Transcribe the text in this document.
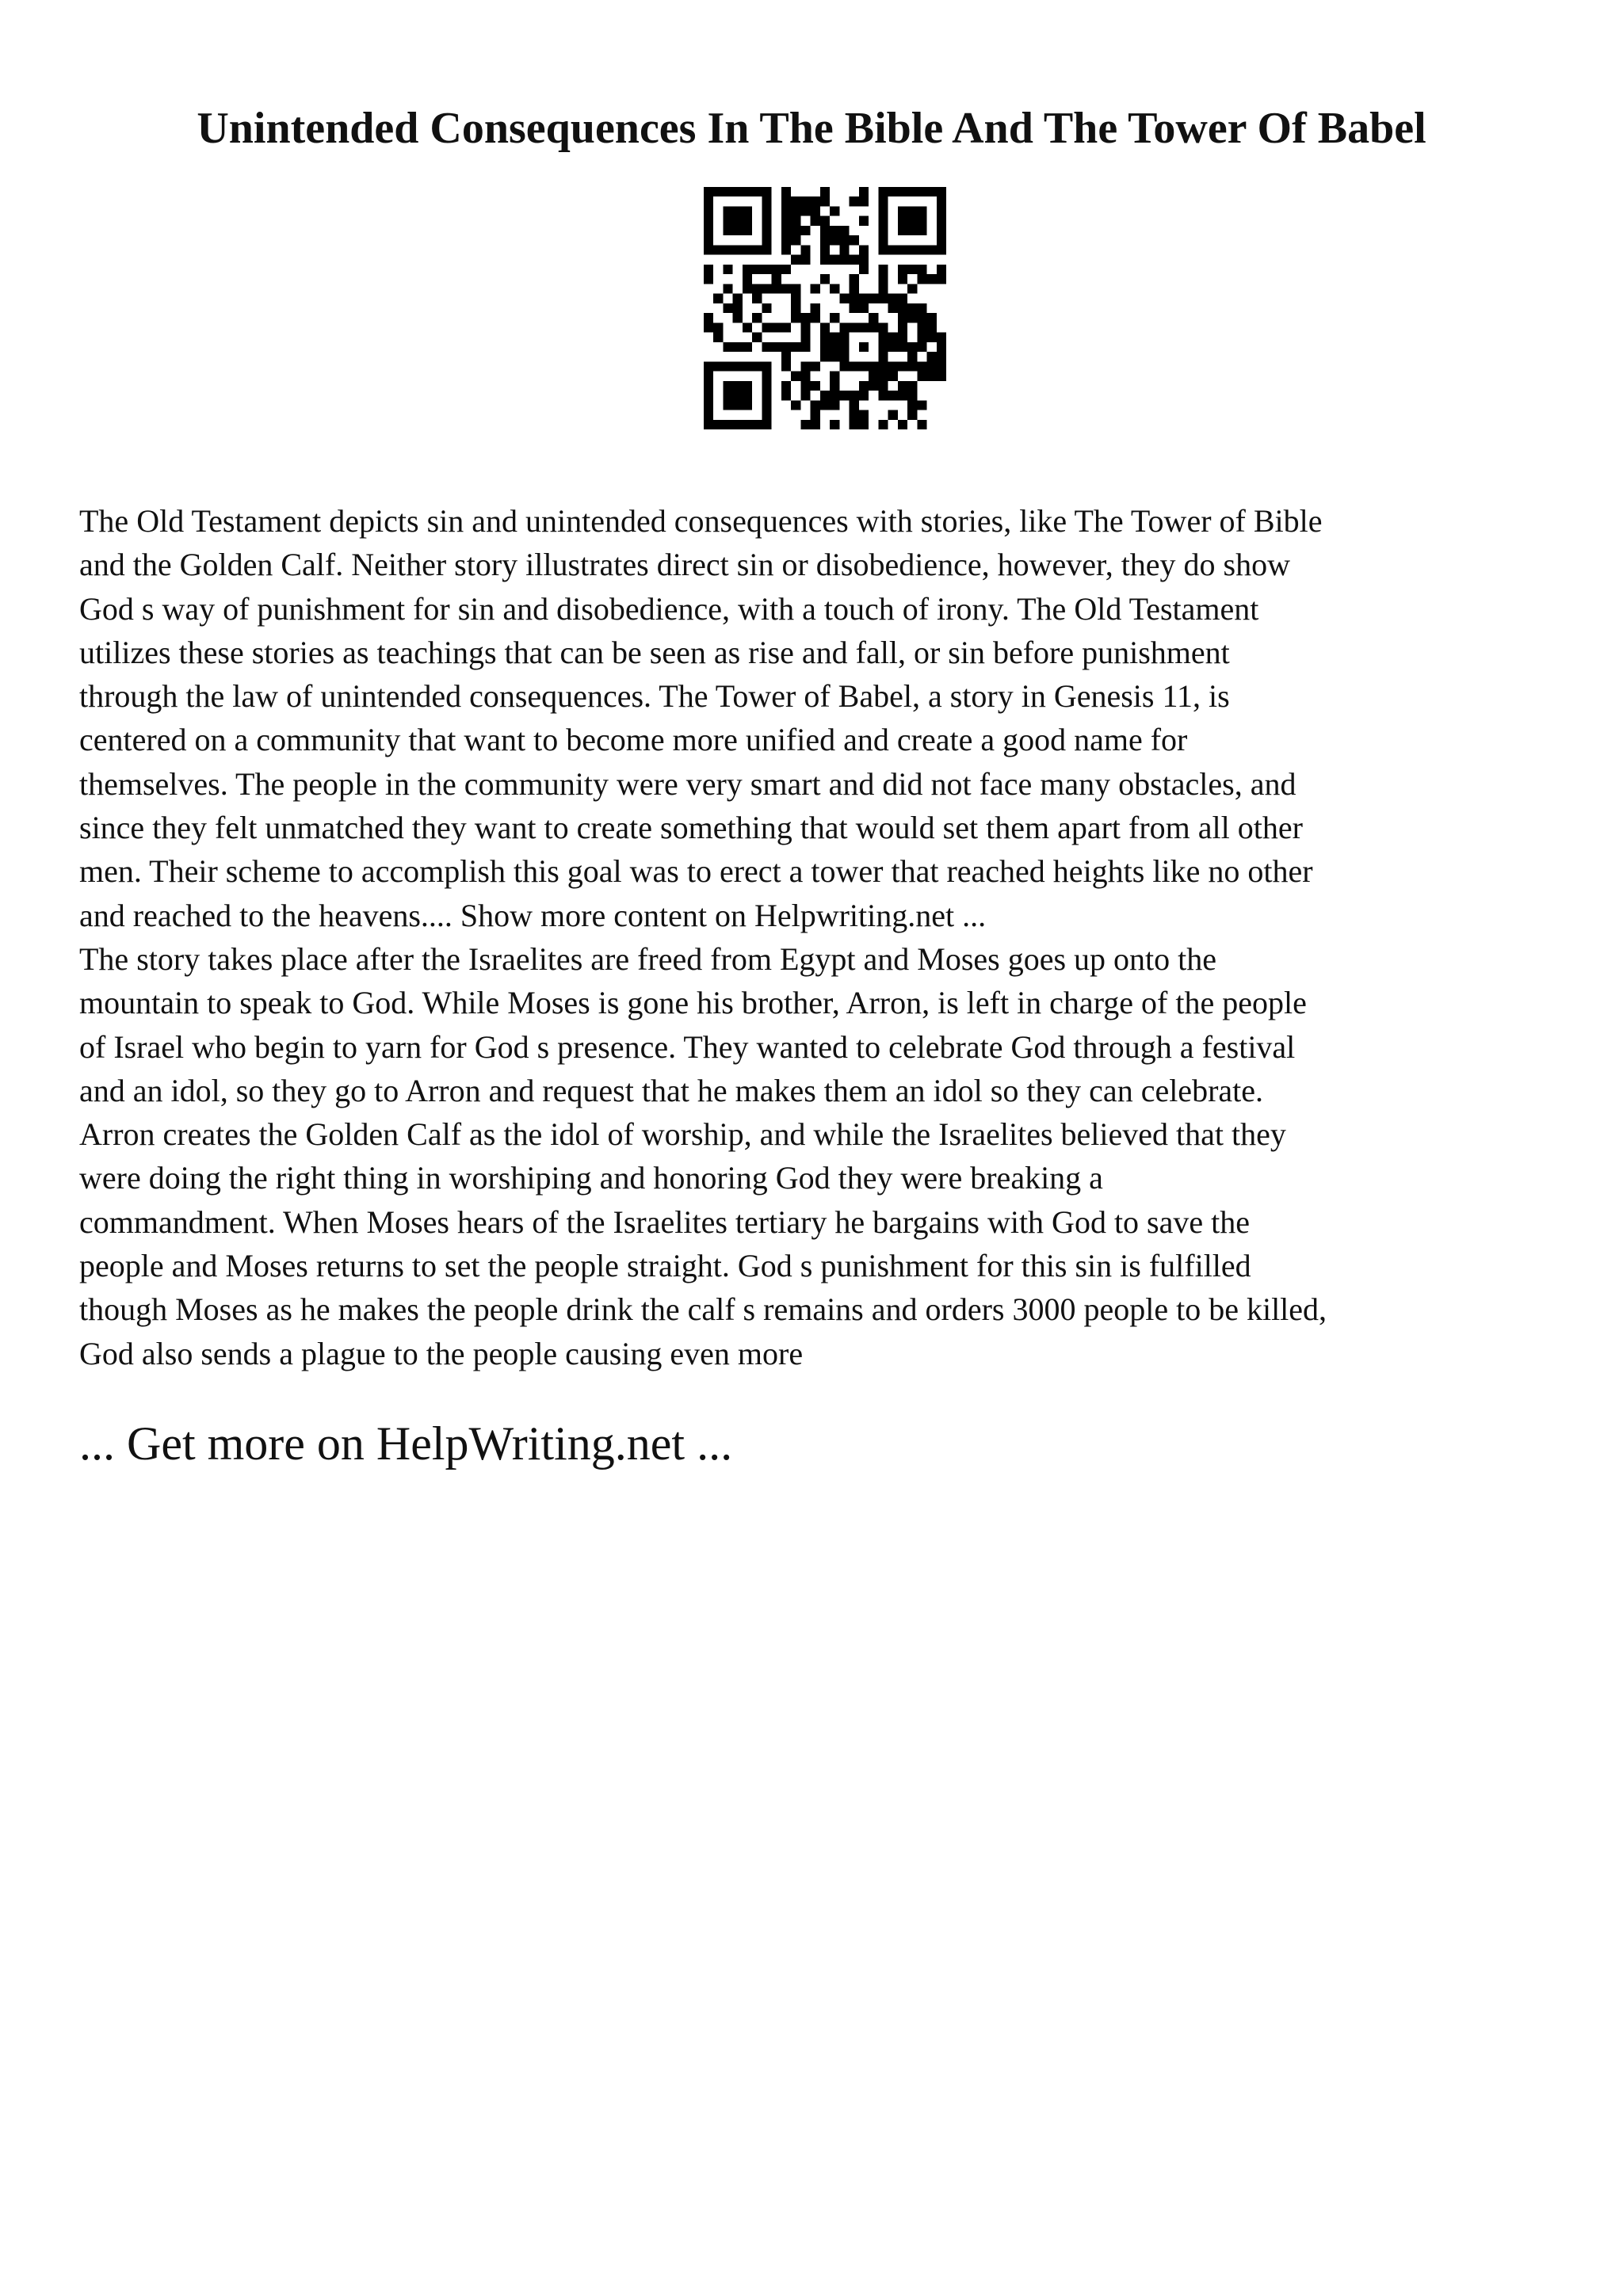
Unintended Consequences In The Bible And The Tower Of Babel

The Old Testament depicts sin and unintended consequences with stories, like The Tower of Bible
and the Golden Calf. Neither story illustrates direct sin or disobedience, however, they do show
God s way of punishment for sin and disobedience, with a touch of irony. The Old Testament
utilizes these stories as teachings that can be seen as rise and fall, or sin before punishment
through the law of unintended consequences. The Tower of Babel, a story in Genesis 11, is
centered on a community that want to become more unified and create a good name for
themselves. The people in the community were very smart and did not face many obstacles, and
since they felt unmatched they want to create something that would set them apart from all other
men. Their scheme to accomplish this goal was to erect a tower that reached heights like no other
and reached to the heavens.... Show more content on Helpwriting.net ...

The story takes place after the Israelites are freed from Egypt and Moses goes up onto the
mountain to speak to God. While Moses is gone his brother, Arron, is left in charge of the people
of Israel who begin to yarn for God s presence. They wanted to celebrate God through a festival
and an idol, so they go to Arron and request that he makes them an idol so they can celebrate.
Arron creates the Golden Calf as the idol of worship, and while the Israelites believed that they
were doing the right thing in worshiping and honoring God they were breaking a
commandment. When Moses hears of the Israelites tertiary he bargains with God to save the
people and Moses returns to set the people straight. God s punishment for this sin is fulfilled
though Moses as he makes the people drink the calf s remains and orders 3000 people to be killed,
God also sends a plague to the people causing even more

... Get more on HelpWriting.net ...
